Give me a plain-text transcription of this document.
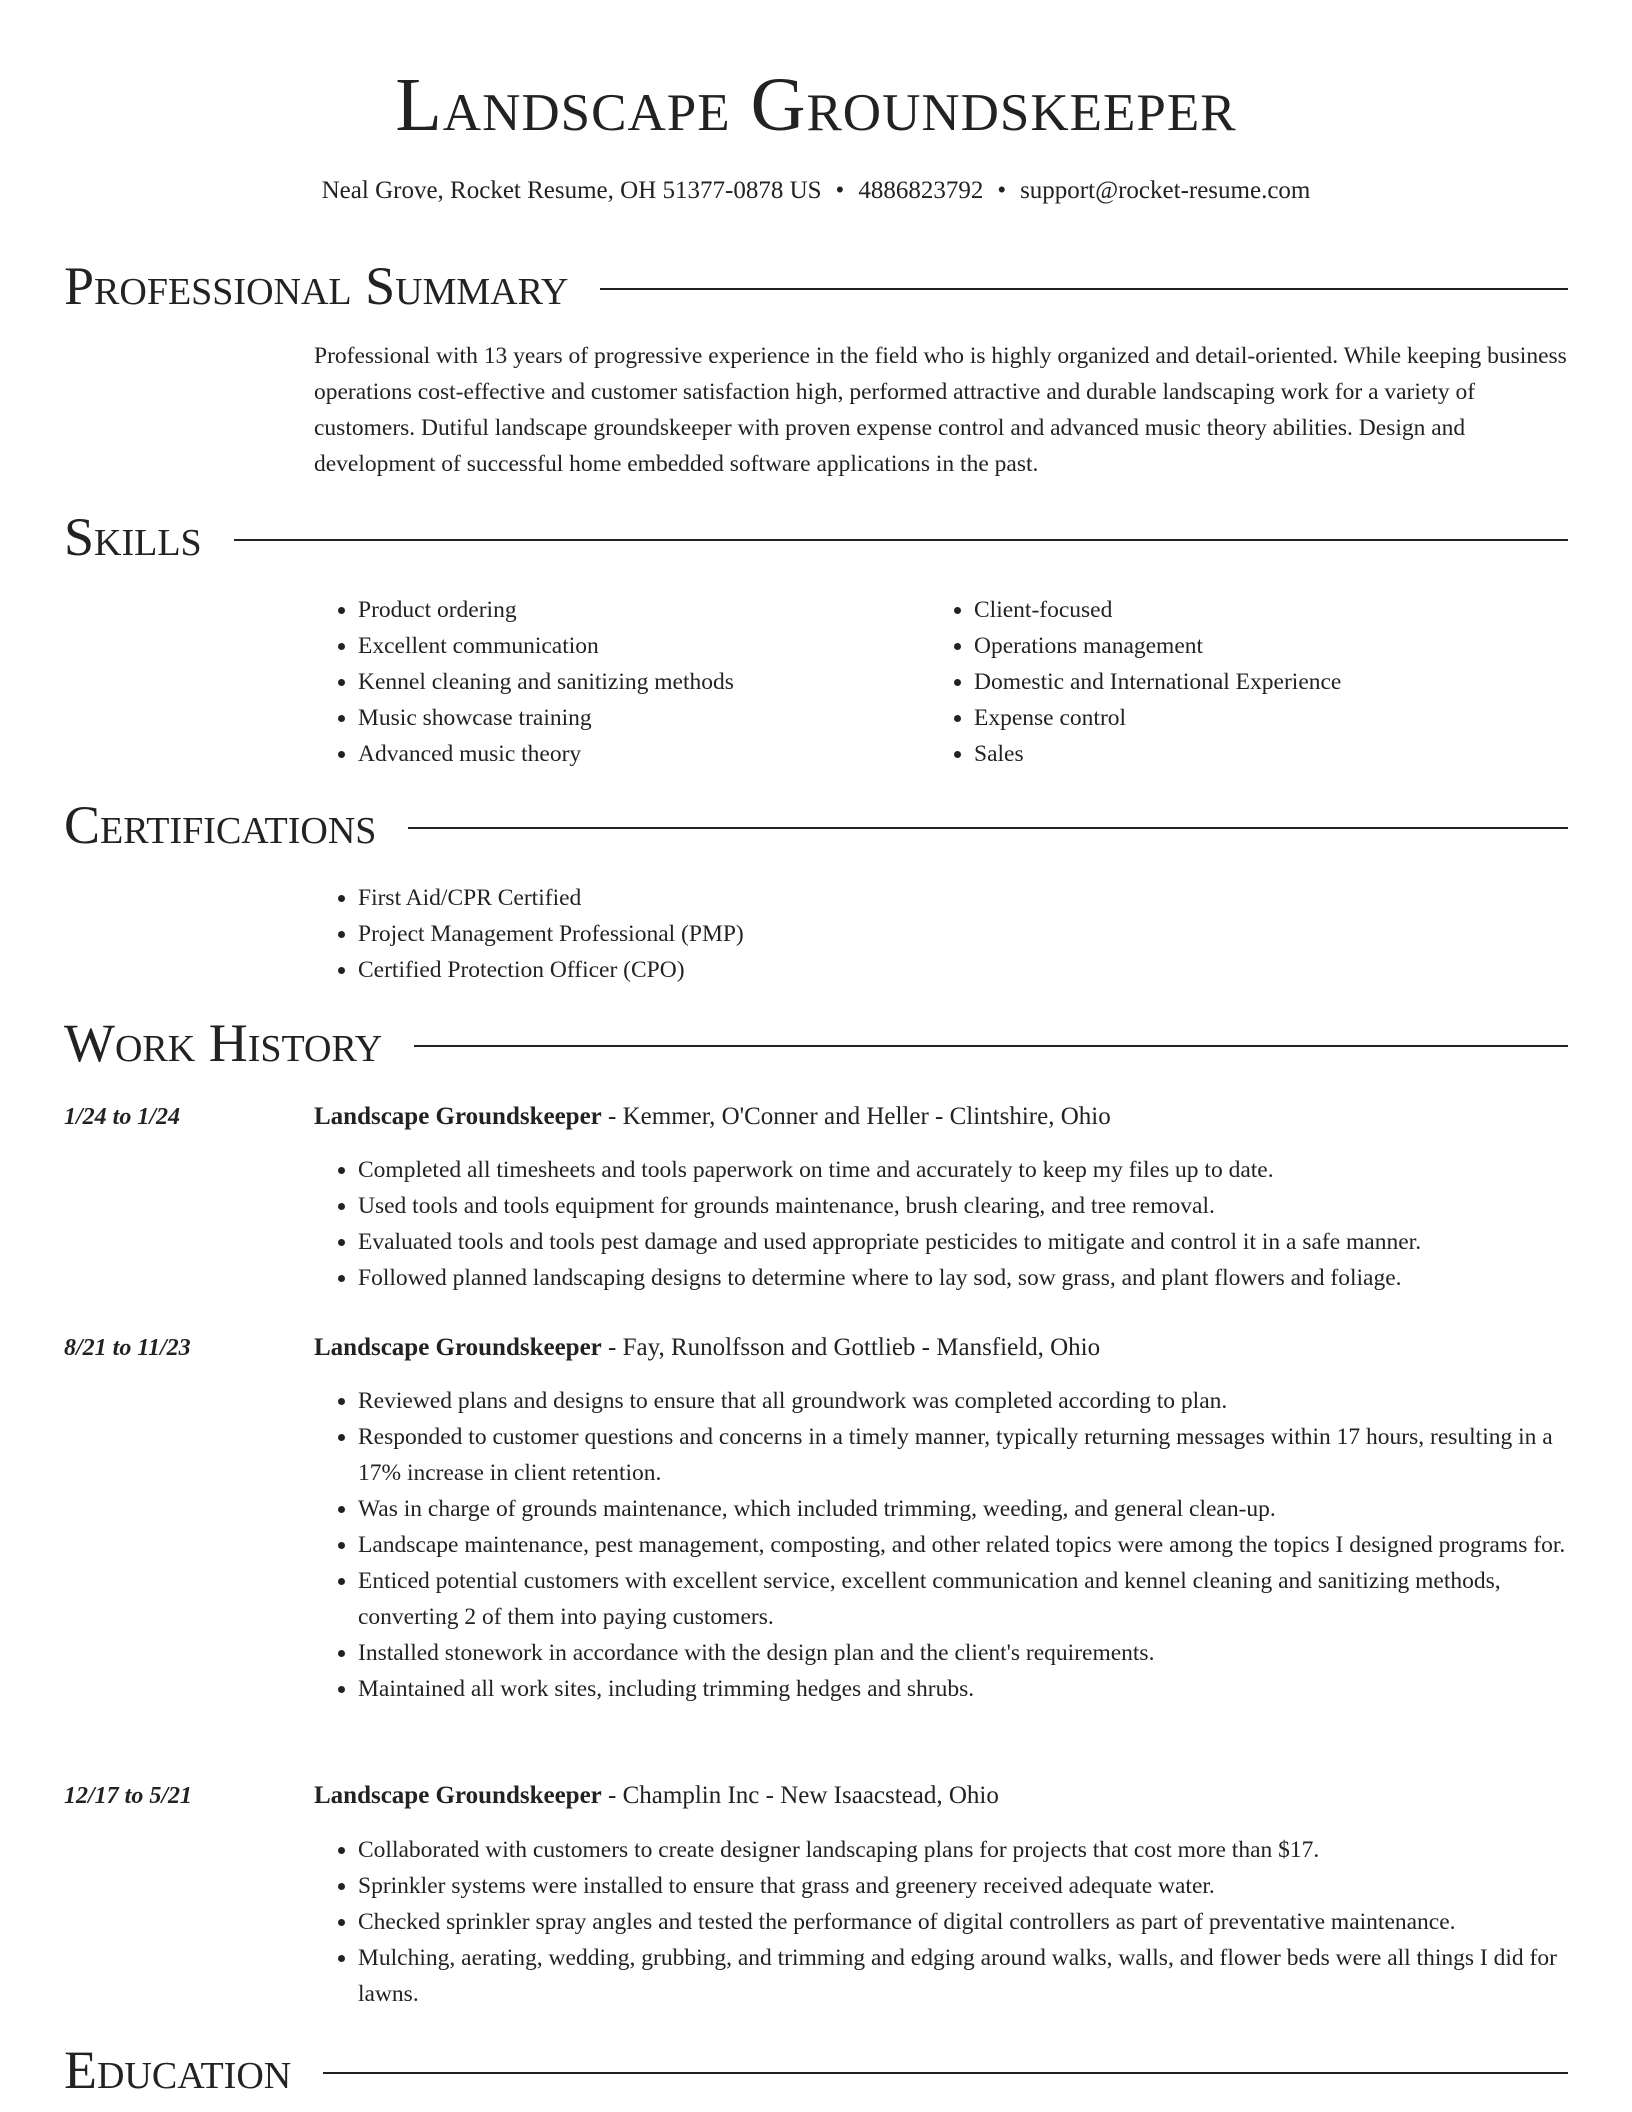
Landscape Groundskeeper
Neal Grove, Rocket Resume, OH 51377-0878 US • 4886823792 • support@rocket-resume.com
Professional Summary
Professional with 13 years of progressive experience in the field who is highly organized and detail-oriented. While keeping business operations cost-effective and customer satisfaction high, performed attractive and durable landscaping work for a variety of customers. Dutiful landscape groundskeeper with proven expense control and advanced music theory abilities. Design and development of successful home embedded software applications in the past.
Skills
• Product ordering
• Excellent communication
• Kennel cleaning and sanitizing methods
• Music showcase training
• Advanced music theory
• Client-focused
• Operations management
• Domestic and International Experience
• Expense control
• Sales
Certifications
• First Aid/CPR Certified
• Project Management Professional (PMP)
• Certified Protection Officer (CPO)
Work History
1/24 to 1/24	Landscape Groundskeeper - Kemmer, O'Conner and Heller - Clintshire, Ohio
• Completed all timesheets and tools paperwork on time and accurately to keep my files up to date.
• Used tools and tools equipment for grounds maintenance, brush clearing, and tree removal.
• Evaluated tools and tools pest damage and used appropriate pesticides to mitigate and control it in a safe manner.
• Followed planned landscaping designs to determine where to lay sod, sow grass, and plant flowers and foliage.
8/21 to 11/23	Landscape Groundskeeper - Fay, Runolfsson and Gottlieb - Mansfield, Ohio
• Reviewed plans and designs to ensure that all groundwork was completed according to plan.
• Responded to customer questions and concerns in a timely manner, typically returning messages within 17 hours, resulting in a 17% increase in client retention.
• Was in charge of grounds maintenance, which included trimming, weeding, and general clean-up.
• Landscape maintenance, pest management, composting, and other related topics were among the topics I designed programs for.
• Enticed potential customers with excellent service, excellent communication and kennel cleaning and sanitizing methods, converting 2 of them into paying customers.
• Installed stonework in accordance with the design plan and the client's requirements.
• Maintained all work sites, including trimming hedges and shrubs.
12/17 to 5/21	Landscape Groundskeeper - Champlin Inc - New Isaacstead, Ohio
• Collaborated with customers to create designer landscaping plans for projects that cost more than $17.
• Sprinkler systems were installed to ensure that grass and greenery received adequate water.
• Checked sprinkler spray angles and tested the performance of digital controllers as part of preventative maintenance.
• Mulching, aerating, wedding, grubbing, and trimming and edging around walks, walls, and flower beds were all things I did for lawns.
Education
